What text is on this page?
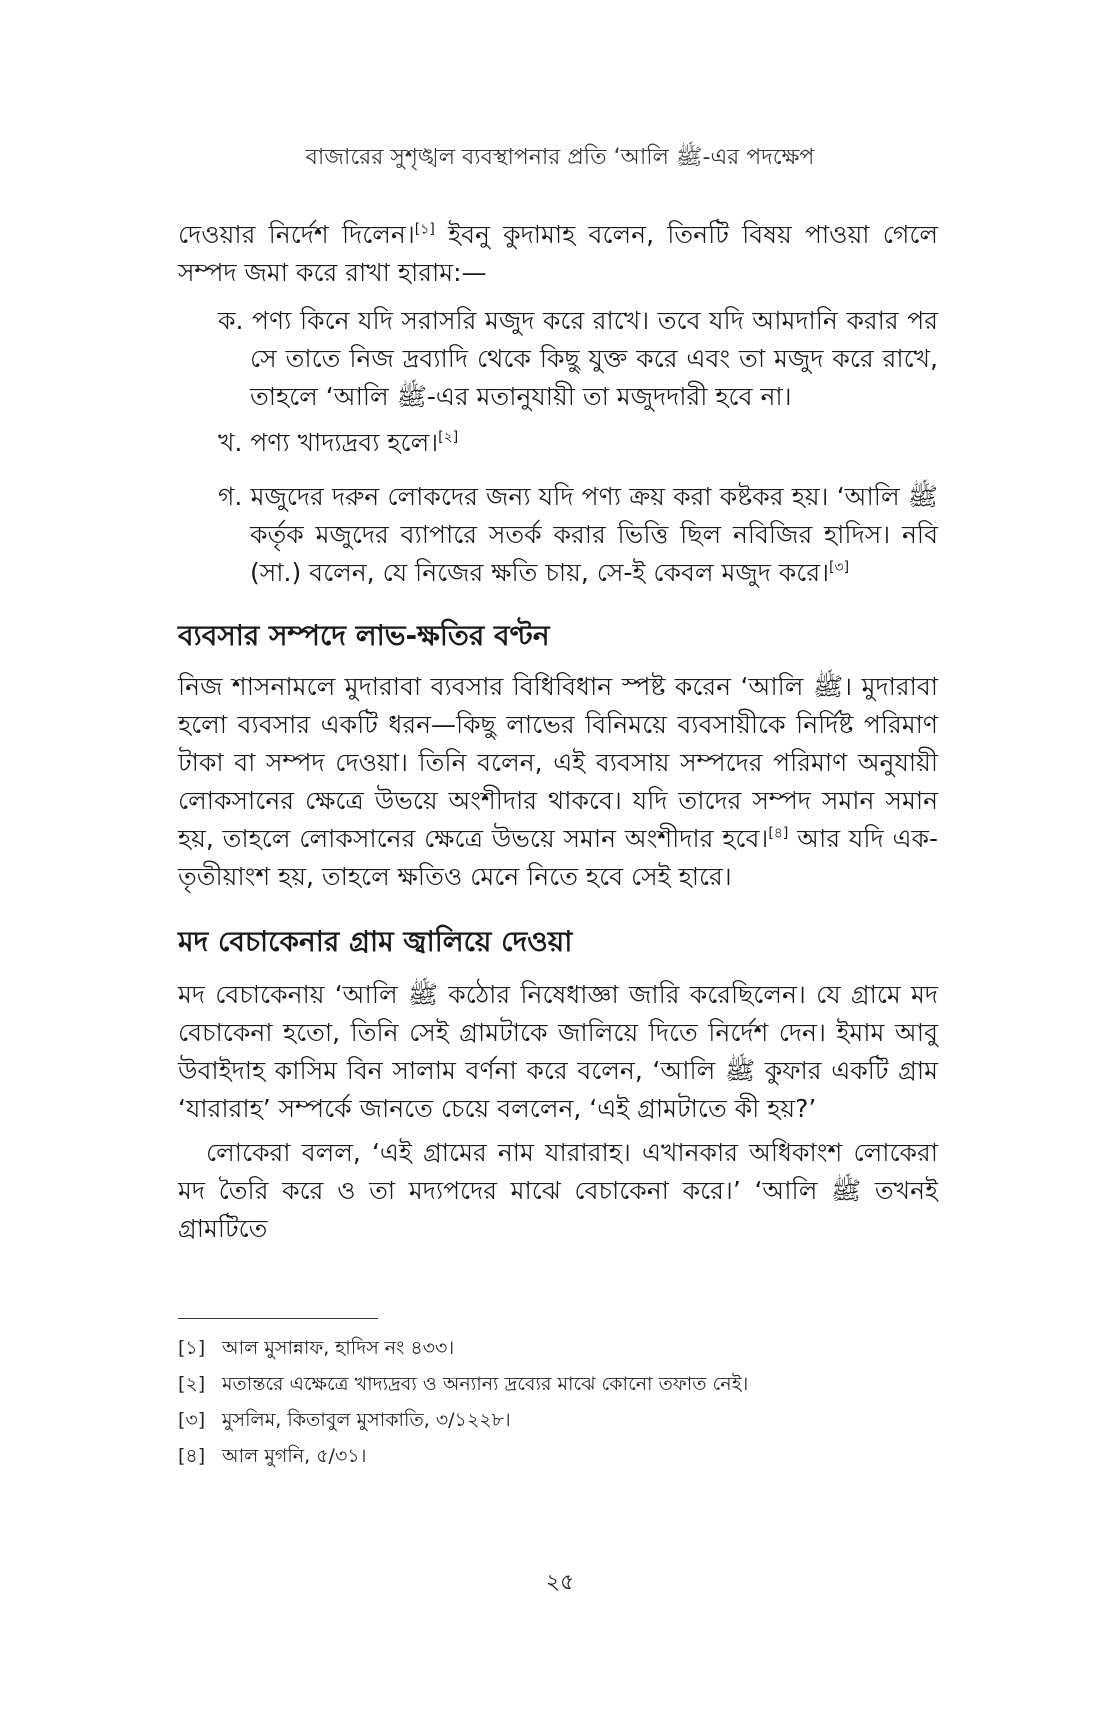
বাজারের সুশৃঙ্খল ব্যবস্থাপনার প্রতি ‘আলি ﷺ-এর পদক্ষেপ
দেওয়ার নির্দেশ দিলেন।[১] ইবনু কুদামাহ বলেন, তিনটি বিষয় পাওয়া গেলে সম্পদ জমা করে রাখা হারাম:—
ক. পণ্য কিনে যদি সরাসরি মজুদ করে রাখে। তবে যদি আমদানি করার পর সে তাতে নিজ দ্রব্যাদি থেকে কিছু যুক্ত করে এবং তা মজুদ করে রাখে, তাহলে ‘আলি ﷺ-এর মতানুযায়ী তা মজুদদারী হবে না।
খ. পণ্য খাদ্যদ্রব্য হলে।[২]
গ. মজুদের দরুন লোকদের জন্য যদি পণ্য ক্রয় করা কষ্টকর হয়। ‘আলি ﷺ কর্তৃক মজুদের ব্যাপারে সতর্ক করার ভিত্তি ছিল নবিজির হাদিস। নবি (সা.) বলেন, যে নিজের ক্ষতি চায়, সে-ই কেবল মজুদ করে।[৩]
ব্যবসার সম্পদে লাভ-ক্ষতির বণ্টন
নিজ শাসনামলে মুদারাবা ব্যবসার বিধিবিধান স্পষ্ট করেন ‘আলি ﷺ। মুদারাবা হলো ব্যবসার একটি ধরন—কিছু লাভের বিনিময়ে ব্যবসায়ীকে নির্দিষ্ট পরিমাণ টাকা বা সম্পদ দেওয়া। তিনি বলেন, এই ব্যবসায় সম্পদের পরিমাণ অনুযায়ী লোকসানের ক্ষেত্রে উভয়ে অংশীদার থাকবে। যদি তাদের সম্পদ সমান সমান হয়, তাহলে লোকসানের ক্ষেত্রে উভয়ে সমান অংশীদার হবে।[৪] আর যদি এক-তৃতীয়াংশ হয়, তাহলে ক্ষতিও মেনে নিতে হবে সেই হারে।
মদ বেচাকেনার গ্রাম জ্বালিয়ে দেওয়া
মদ বেচাকেনায় ‘আলি ﷺ কঠোর নিষেধাজ্ঞা জারি করেছিলেন। যে গ্রামে মদ বেচাকেনা হতো, তিনি সেই গ্রামটাকে জালিয়ে দিতে নির্দেশ দেন। ইমাম আবু উবাইদাহ কাসিম বিন সালাম বর্ণনা করে বলেন, ‘আলি ﷺ কুফার একটি গ্রাম ‘যারারাহ’ সম্পর্কে জানতে চেয়ে বললেন, ‘এই গ্রামটাতে কী হয়?’
লোকেরা বলল, ‘এই গ্রামের নাম যারারাহ। এখানকার অধিকাংশ লোকেরা মদ তৈরি করে ও তা মদ্যপদের মাঝে বেচাকেনা করে।’ ‘আলি ﷺ তখনই গ্রামটিতে
[১] আল মুসান্নাফ, হাদিস নং ৪৩৩।
[২] মতান্তরে এক্ষেত্রে খাদ্যদ্রব্য ও অন্যান্য দ্রব্যের মাঝে কোনো তফাত নেই।
[৩] মুসলিম, কিতাবুল মুসাকাতি, ৩/১২২৮।
[৪] আল মুগনি, ৫/৩১।
২৫
